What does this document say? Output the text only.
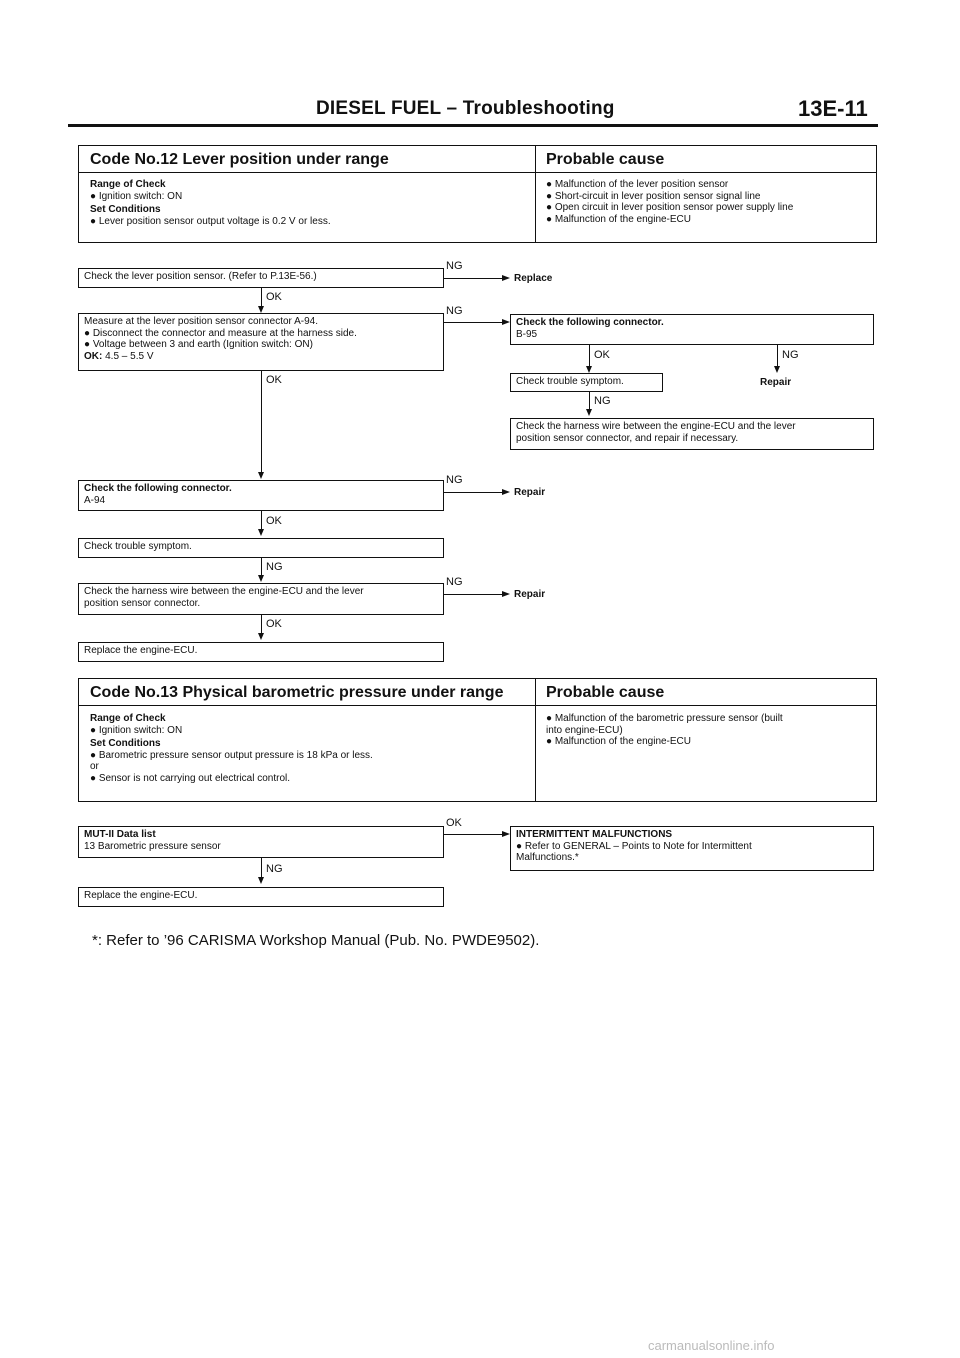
DIESEL FUEL – Troubleshooting	13E-11
Code No.12 Lever position under range	Probable cause
Range of Check
● Ignition switch: ON
Set Conditions
● Lever position sensor output voltage is 0.2 V or less.
● Malfunction of the lever position sensor
● Short-circuit in lever position sensor signal line
● Open circuit in lever position sensor power supply line
● Malfunction of the engine-ECU
Check the lever position sensor. (Refer to P.13E-56.)
NG
Replace
OK
Measure at the lever position sensor connector A-94.
● Disconnect the connector and measure at the harness side.
● Voltage between 3 and earth (Ignition switch: ON)
OK: 4.5 – 5.5 V
NG
Check the following connector.
B-95
OK	NG
Repair
Check trouble symptom.
NG
Check the harness wire between the engine-ECU and the lever
position sensor connector, and repair if necessary.
OK
Check the following connector.
A-94
NG
Repair
OK
Check trouble symptom.
NG
Check the harness wire between the engine-ECU and the lever
position sensor connector.
NG
Repair
OK
Replace the engine-ECU.
Code No.13 Physical barometric pressure under range	Probable cause
Range of Check
● Ignition switch: ON
Set Conditions
● Barometric pressure sensor output pressure is 18 kPa or less.
or
● Sensor is not carrying out electrical control.
● Malfunction of the barometric pressure sensor (built
into engine-ECU)
● Malfunction of the engine-ECU
MUT-II Data list
13 Barometric pressure sensor
OK
INTERMITTENT MALFUNCTIONS
● Refer to GENERAL – Points to Note for Intermittent
Malfunctions.*
NG
Replace the engine-ECU.
*: Refer to ’96 CARISMA Workshop Manual (Pub. No. PWDE9502).
carmanualsonline.info
